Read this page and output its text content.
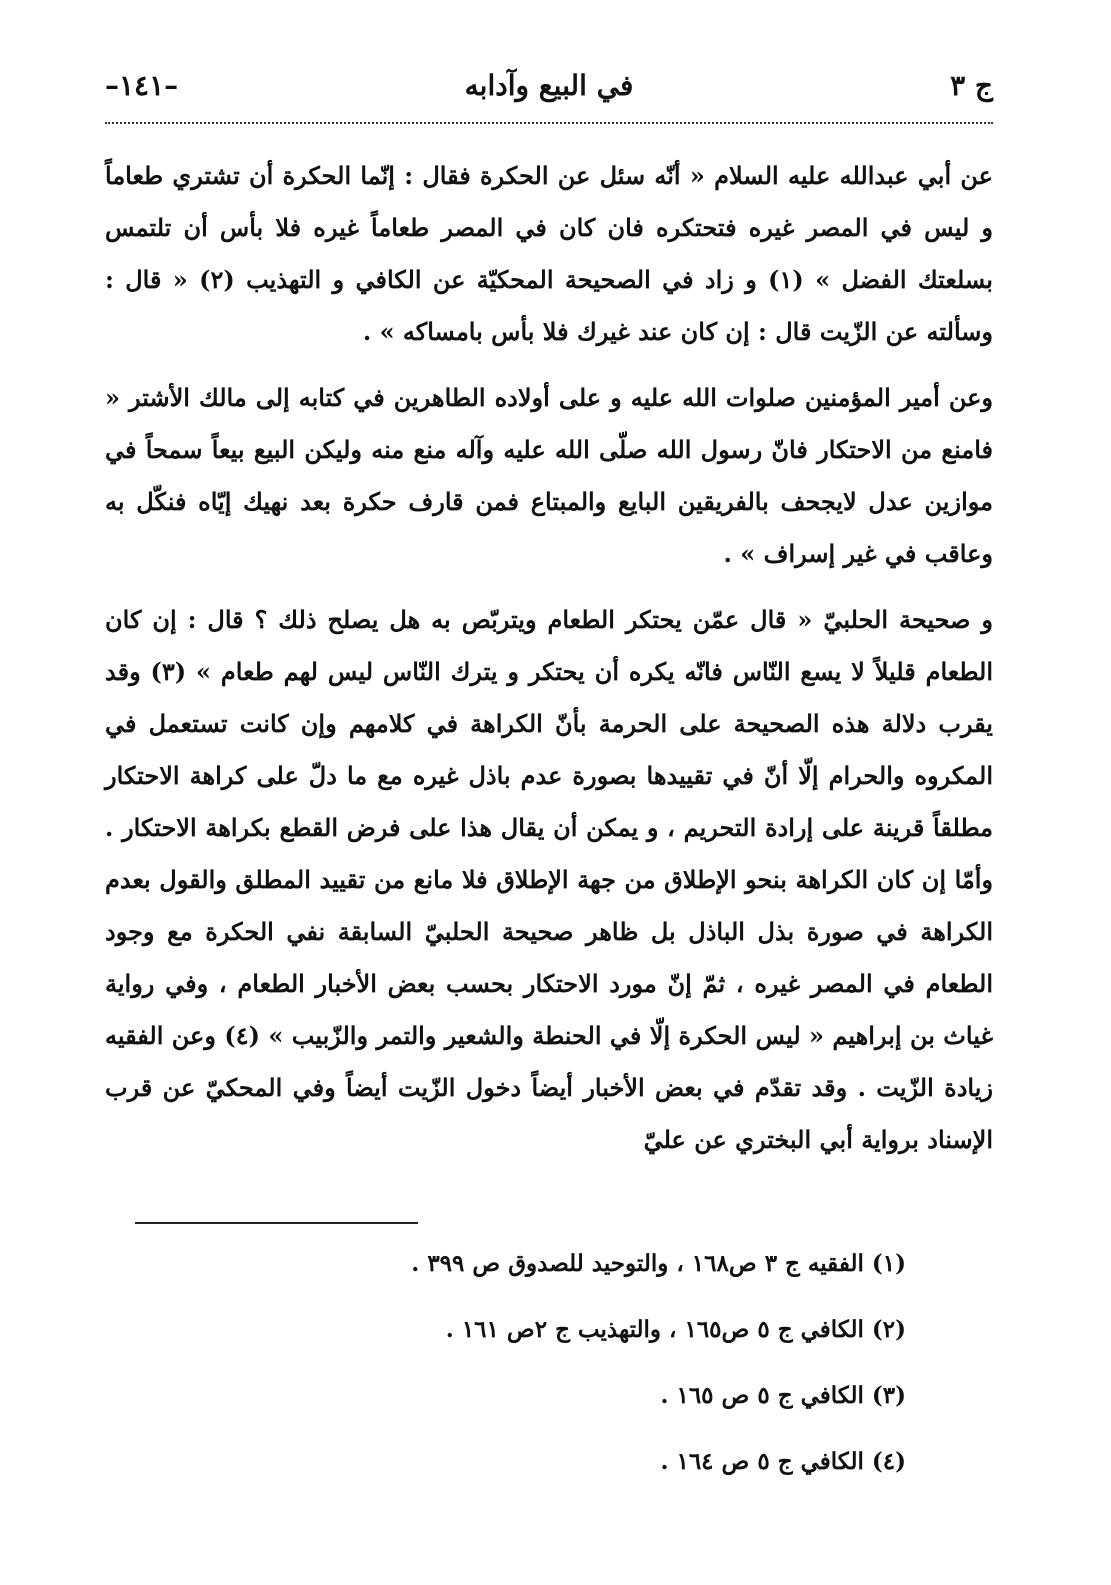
ج ٣
في البيع وآدابه
–١٤١–

عن أبي عبدالله عليه السلام « أنّه سئل عن الحكرة فقال : إنّما الحكرة أن تشتري طعاماً و ليس في المصر غيره فتحتكره فان كان في المصر طعاماً غيره فلا بأس أن تلتمس بسلعتك الفضل » (١) و زاد في الصحيحة المحكيّة عن الكافي و التهذيب (٢) « قال : وسألته عن الزّيت قال : إن كان عند غيرك فلا بأس بامساكه » .

وعن أمير المؤمنين صلوات الله عليه و على أولاده الطاهرين في كتابه إلى مالك الأشتر « فامنع من الاحتكار فانّ رسول الله صلّى الله عليه وآله منع منه وليكن البيع بيعاً سمحاً في موازين عدل لايجحف بالفريقين البايع والمبتاع فمن قارف حكرة بعد نهيك إيّاه فنكّل به وعاقب في غير إسراف » .

و صحيحة الحلبيّ « قال عمّن يحتكر الطعام ويتربّص به هل يصلح ذلك ؟ قال : إن كان الطعام قليلاً لا يسع النّاس فانّه يكره أن يحتكر و يترك النّاس ليس لهم طعام » (٣) وقد يقرب دلالة هذه الصحيحة على الحرمة بأنّ الكراهة في كلامهم وإن كانت تستعمل في المكروه والحرام إلّا أنّ في تقييدها بصورة عدم باذل غيره مع ما دلّ على كراهة الاحتكار مطلقاً قرينة على إرادة التحريم ، و يمكن أن يقال هذا على فرض القطع بكراهة الاحتكار . وأمّا إن كان الكراهة بنحو الإطلاق من جهة الإطلاق فلا مانع من تقييد المطلق والقول بعدم الكراهة في صورة بذل الباذل بل ظاهر صحيحة الحلبيّ السابقة نفي الحكرة مع وجود الطعام في المصر غيره ، ثمّ إنّ مورد الاحتكار بحسب بعض الأخبار الطعام ، وفي رواية غياث بن إبراهيم « ليس الحكرة إلّا في الحنطة والشعير والتمر والزّبيب » (٤) وعن الفقيه زيادة الزّيت . وقد تقدّم في بعض الأخبار أيضاً دخول الزّيت أيضاً وفي المحكيّ عن قرب الإسناد برواية أبي البختري عن عليّ

(١) الفقيه ج ٣ ص١٦٨ ، والتوحيد للصدوق ص ٣٩٩ .

(٢) الكافي ج ٥ ص١٦٥ ، والتهذيب ج ٢ص ١٦١ .

(٣) الكافي ج ٥ ص ١٦٥ .

(٤) الكافي ج ٥ ص ١٦٤ .
